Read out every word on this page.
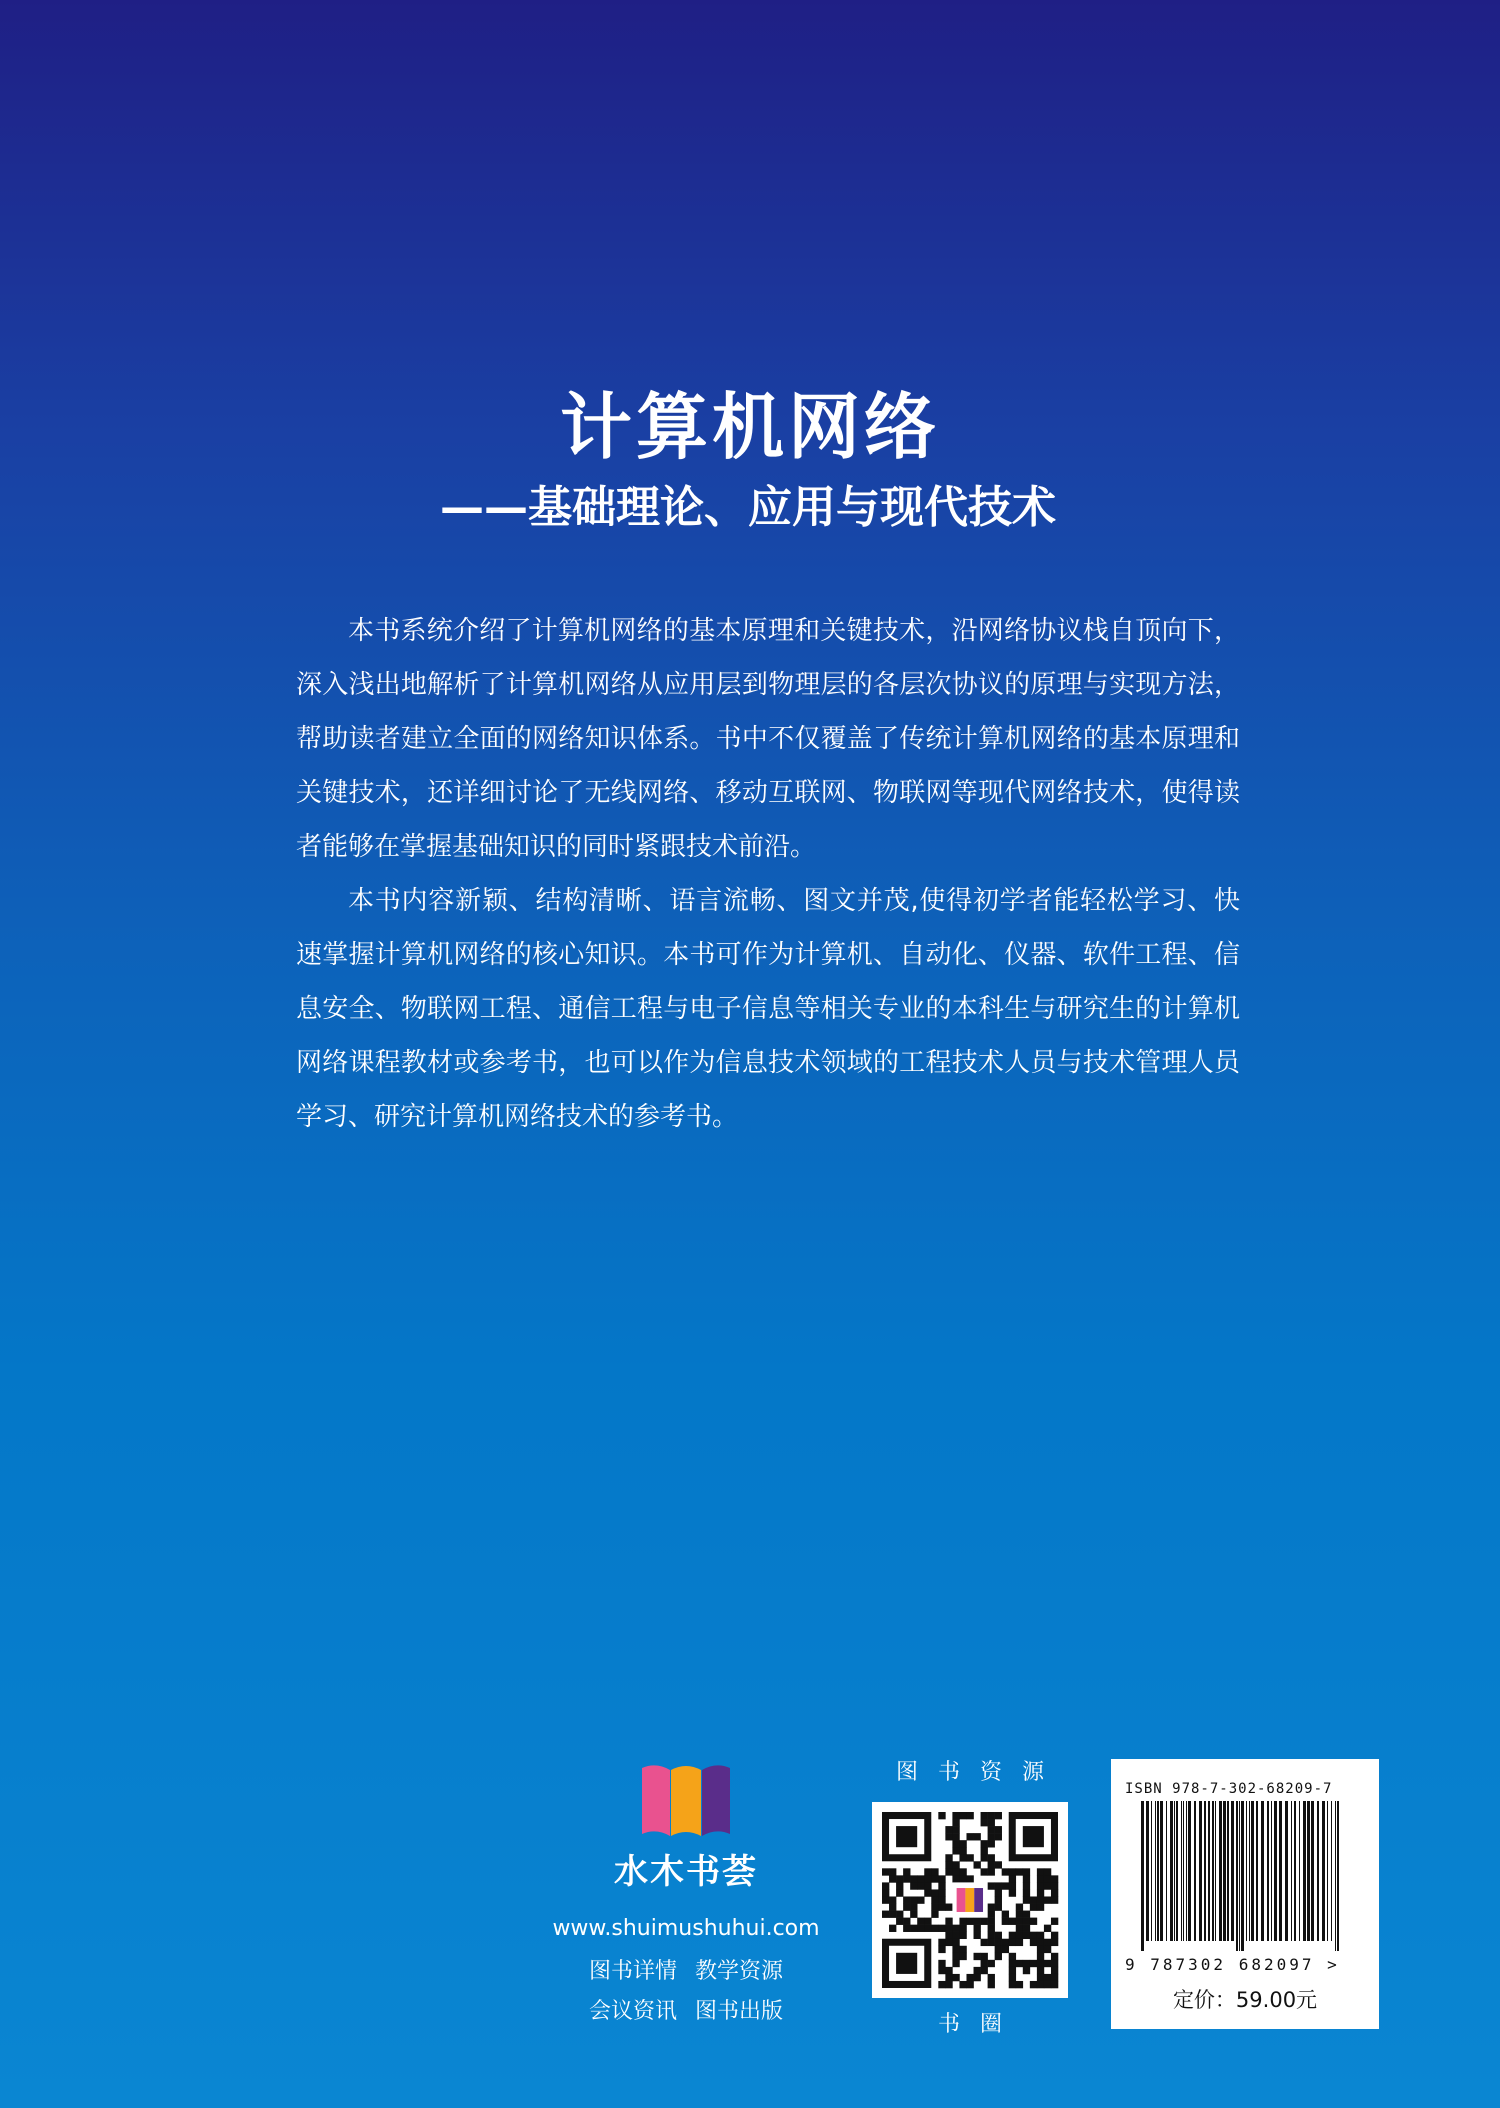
计算机网络
——基础理论、应用与现代技术

本书系统介绍了计算机网络的基本原理和关键技术，沿网络协议栈自顶向下，深入浅出地解析了计算机网络从应用层到物理层的各层次协议的原理与实现方法，帮助读者建立全面的网络知识体系。书中不仅覆盖了传统计算机网络的基本原理和关键技术，还详细讨论了无线网络、移动互联网、物联网等现代网络技术，使得读者能够在掌握基础知识的同时紧跟技术前沿。

本书内容新颖、结构清晰、语言流畅、图文并茂,使得初学者能轻松学习、快速掌握计算机网络的核心知识。本书可作为计算机、自动化、仪器、软件工程、信息安全、物联网工程、通信工程与电子信息等相关专业的本科生与研究生的计算机网络课程教材或参考书，也可以作为信息技术领域的工程技术人员与技术管理人员学习、研究计算机网络技术的参考书。

水木书荟
www.shuimushuhui.com
图书详情 教学资源
会议资讯 图书出版
图书资源
书圈
ISBN 978-7-302-68209-7
9 787302 682097 >
定价：59.00元
